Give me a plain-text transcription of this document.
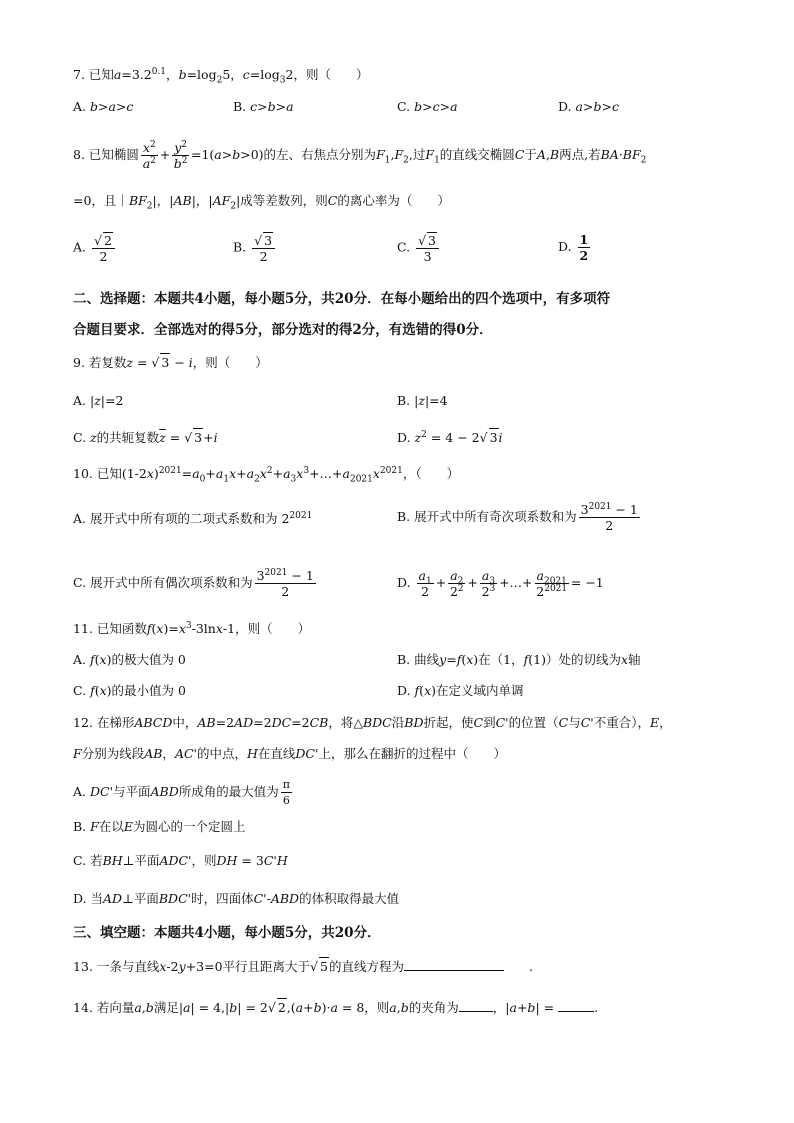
7. 已知$a=3.2^{0.1}$，$b=\log_25$，$c=\log_32$，则（　　）
A. b>a>c	B. c>b>a	C. b>c>a	D. a>b>c
8. 已知椭圆 $\frac{x^2}{a^2} + \frac{y^2}{b^2} =1(a>b>0)$的左、右焦点分别为$F_1,F_2$,过$F_1$的直线交椭圆C于A,B两点,若$BA\cdot BF_2$
=0，且$|BF_2|$，|AB|，$|AF_2|$成等差数列，则C的离心率为（　　）
A. $\frac{√ 2}{2}$	B. $\frac{√ 3}{2}$	C. $\frac{√ 3}{3}$	D. $\frac{1}{2}$
二、选择题：本题共4小题，每小题5分，共20分．在每小题给出的四个选项中，有多项符
合题目要求．全部选对的得5分，部分选对的得2分，有选错的得0分．
9. 若复数z = √ 3 − i，则（　　）
A. |z|=2	B. |z|=4
C. z的共轭复数$\overline{z}$ = √ 3+i	D. $z^2 = 4 - 2√$ 3i
10. 已知$(1-2x)^{2021}=a_0+a_1x+a_2x^2+a_3x^3+\dots+a_{2021}x^{2021}$，（　　）
A. 展开式中所有项的二项式系数和为 $2^{2021}$	B. 展开式中所有奇次项系数和为 $\frac{3^{2021} - 1}{2}$
C. 展开式中所有偶次项系数和为 $\frac{3^{2021} - 1}{2}$	D. $\frac{a_1}{2} + \frac{a_2}{2^2} + \frac{a_3}{2^3}$ +…+ $\frac{a_{2021}}{2^{2021}} = -1$
11. 已知函数$f(x)=x^3-3\ln x-1$，则（　　）
A. f(x)的极大值为 0	B. 曲线y=f(x)在（1，f(1)）处的切线为x轴
C. f(x)的最小值为 0	D. f(x)在定义域内单调
12. 在梯形ABCD中，AB=2AD=2DC=2CB，将△BDC沿BD折起，使C到C'的位置（C与C'不重合），E，
F分别为线段AB，AC'的中点，H在直线DC'上，那么在翻折的过程中（　　）
A. DC'与平面ABD所成角的最大值为 $\frac{\pi}{6}$
B. F在以E为圆心的一个定圆上
C. 若BH⊥平面ADC'，则DH = 3C'H
D. 当AD⊥平面BDC'时，四面体C'-ABD的体积取得最大值
三、填空题：本题共4小题，每小题5分，共20分．
13. 一条与直线x-2y+3=0平行且距离大于√ 5的直线方程为	　　.
14. 若向量a,b满足|a| = 4,|b| = 2√ 2,(a+b)·a = 8，则a,b的夹角为	，|a+b| =	.
